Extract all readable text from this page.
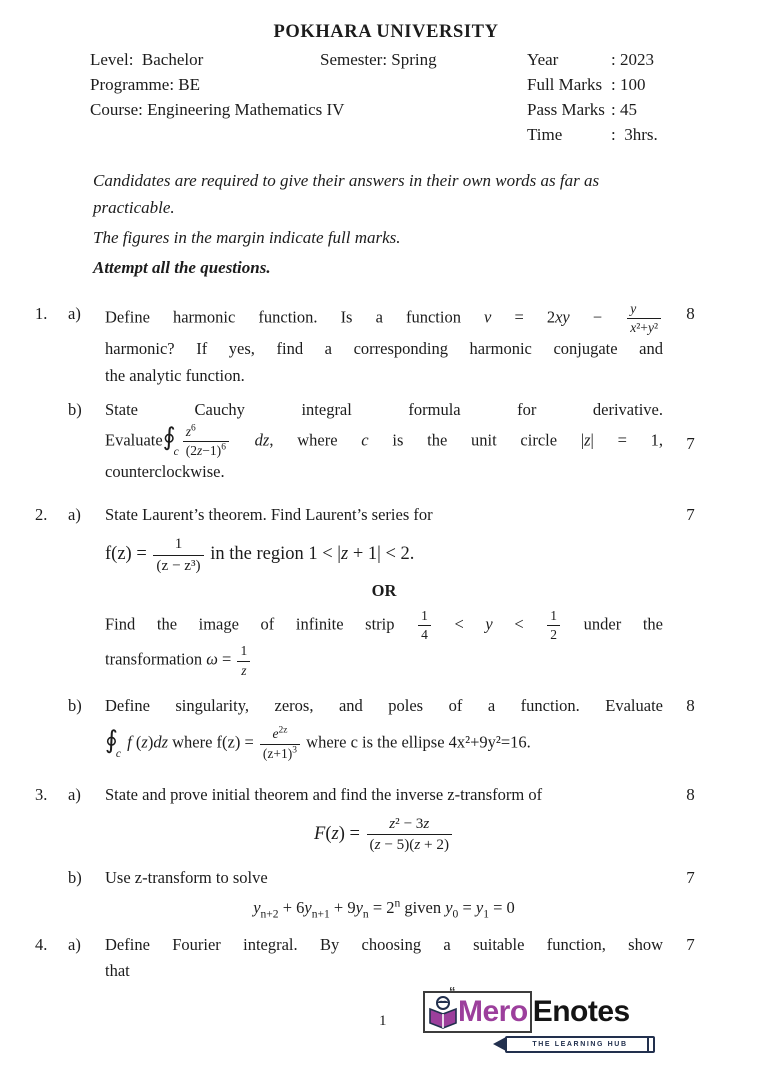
POKHARA UNIVERSITY
Level:  Bachelor	Semester: Spring	Year	: 2023
Programme: BE	Full Marks : 100
Course: Engineering Mathematics IV	Pass Marks : 45
Time	:  3hrs.

Candidates are required to give their answers in their own words as far as practicable.

The figures in the margin indicate full marks.

Attempt all the questions.

1.	a)	Define harmonic function. Is a function $v = 2xy - \frac{y}{\text{x²+y²}}$
harmonic? If yes, find a corresponding harmonic conjugate and
the analytic function.
8
b)	State Cauchy integral formula for derivative.
$Evaluate∮_c \frac{z^6}{(2z-1)^6}$ dz, where c is the unit circle |z| = 1,
counterclockwise.
7
2.	a)	State Laurent’s theorem. Find Laurent’s series for
$f(z) = \frac{1}{\text{(z − z³)}}$ in the region 1 < |z + 1| < 2.
OR
Find the image of infinite strip $\frac{1}{4} < y < \frac{1}{2}$ under the
transformation $\omega = \frac{1}{z}$
7
b)	Define singularity, zeros, and poles of a function. Evaluate
$∮_c$ f (z)dz where $f(z) = \frac{e^{2z}}{(z+1)^3}$ where c is the ellipse 4x²+9y²=16.
8
3.	a)	State and prove initial theorem and find the inverse z-transform of
$F(z) = \frac{\text{z² − 3z}}{(z - 5)(z + 2)}$
8
b)	Use z-transform to solve
$y_{n+2} + 6y_{n+1} + 9y_n = 2^n$ given $y_0 = y_1 = 0$
7
4.	a)	Define Fourier integral. By choosing a suitable function, show
that
7
1
“
Mero Enotes
THE LEARNING HUB
